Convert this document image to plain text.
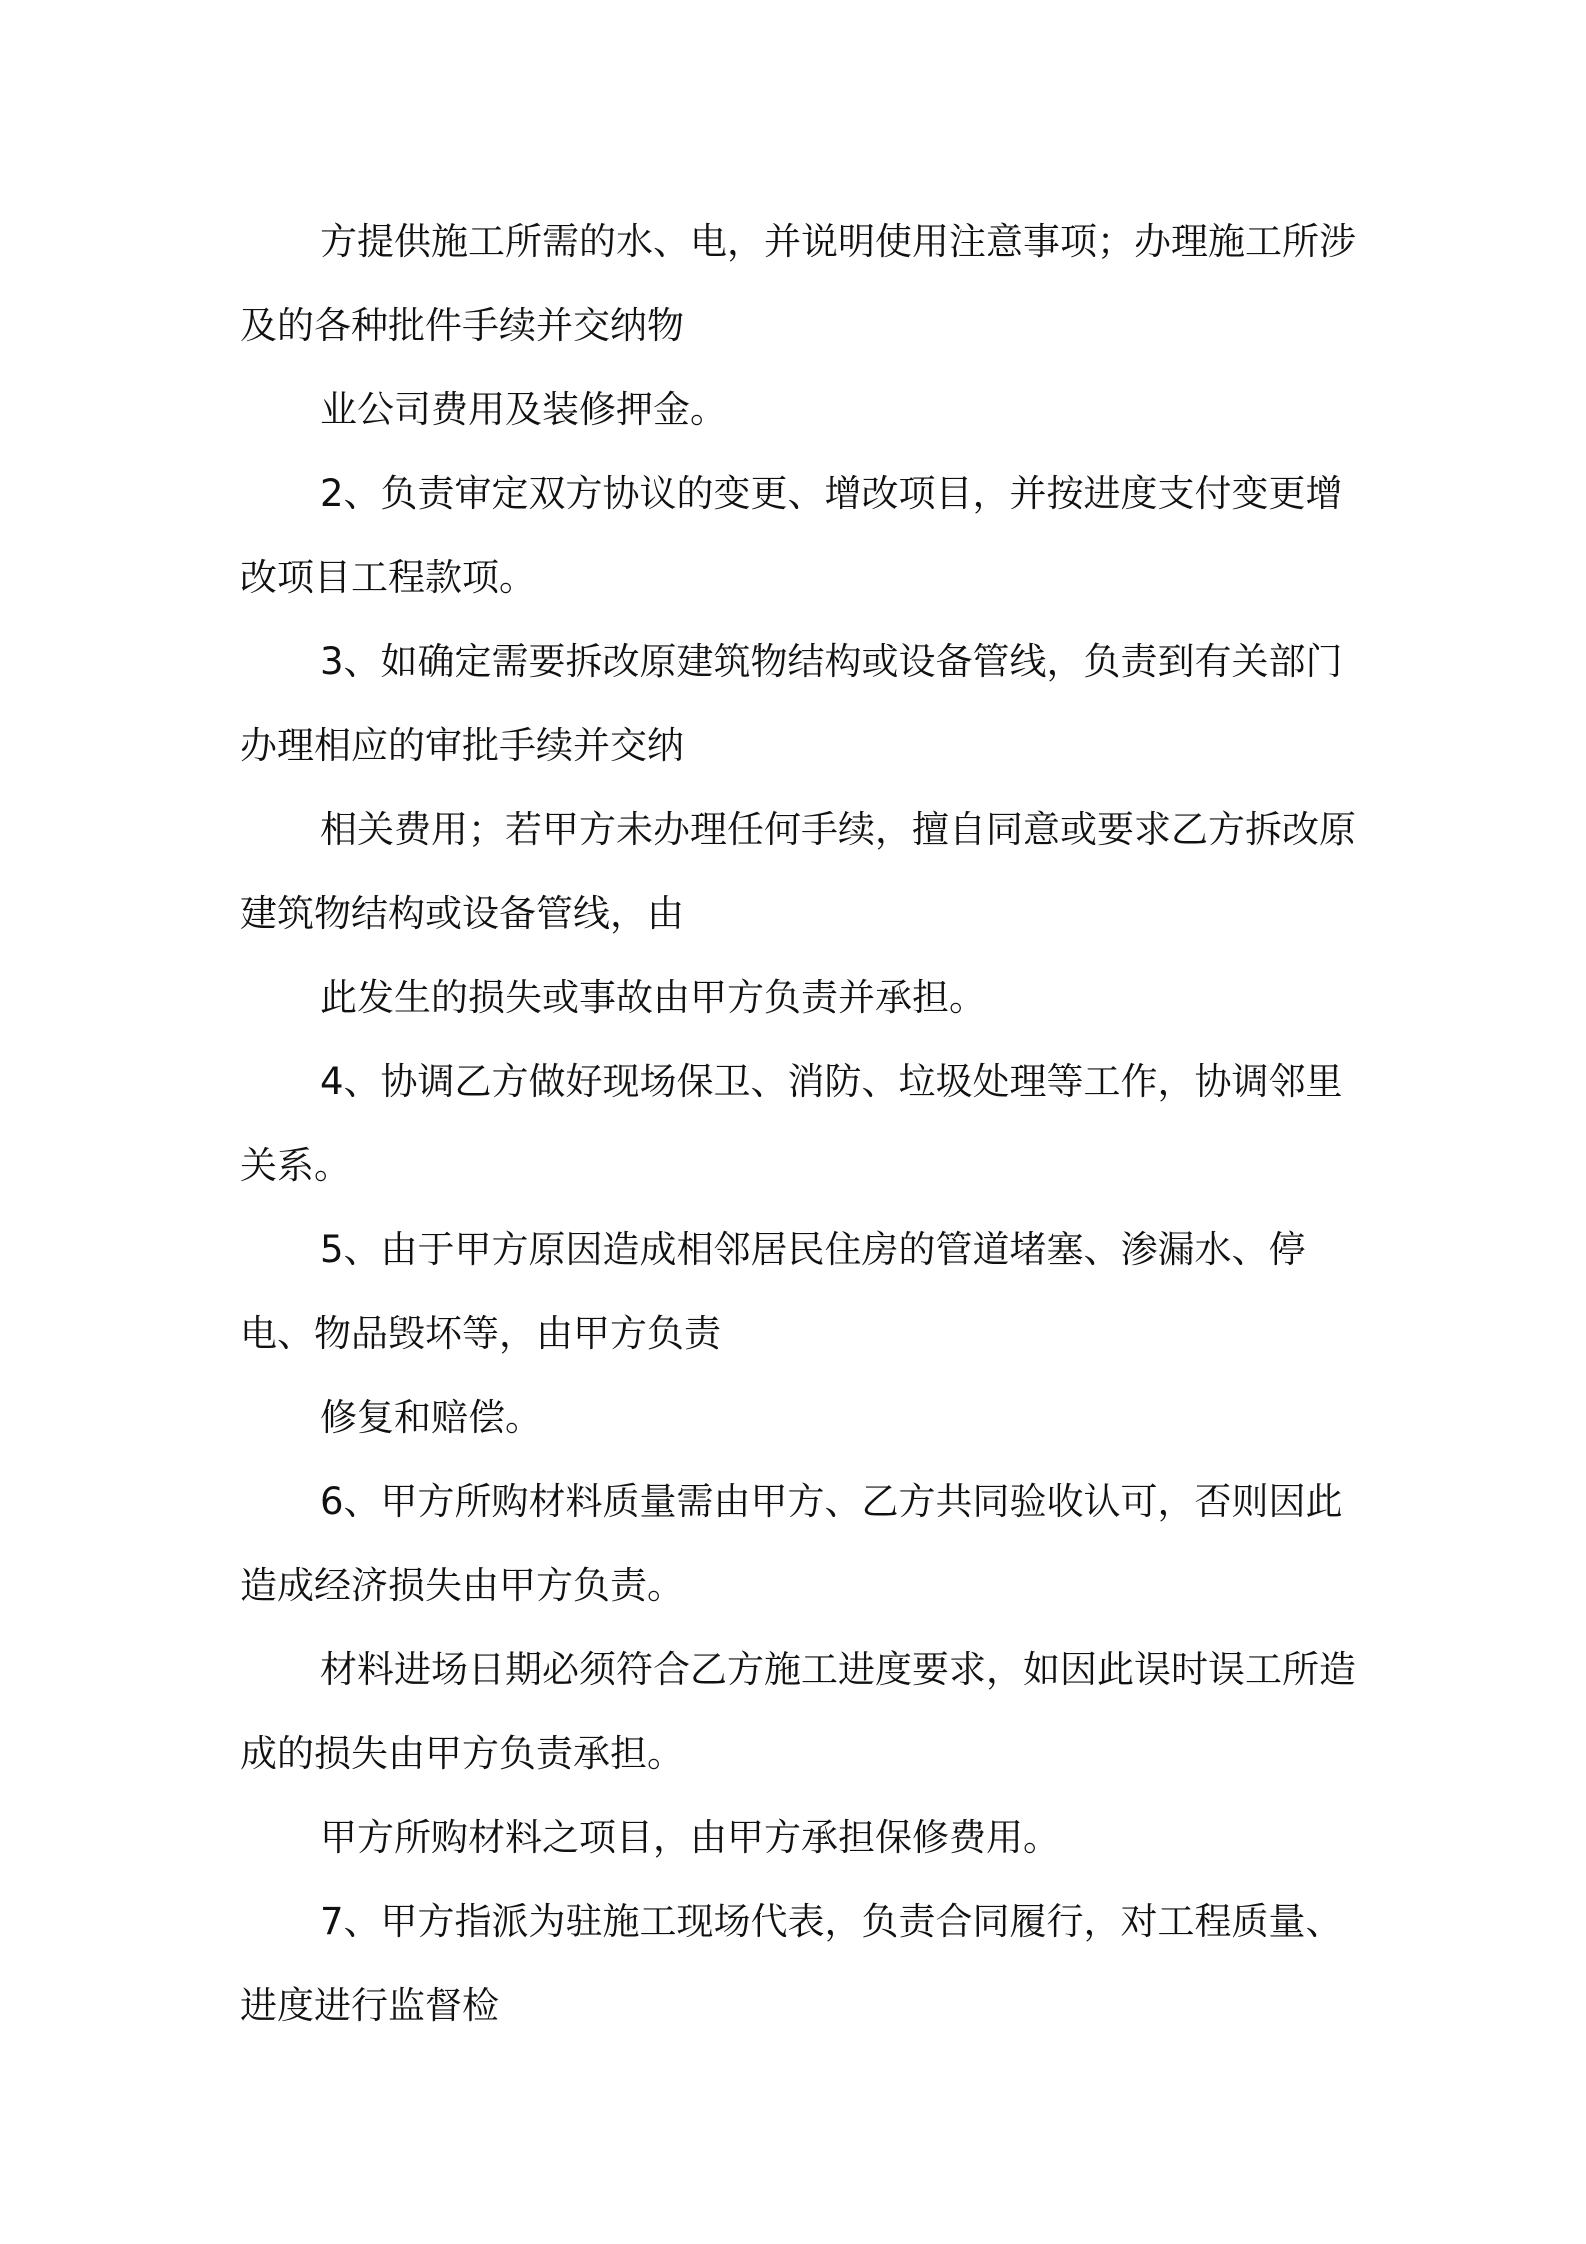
方提供施工所需的水、电，并说明使用注意事项；办理施工所涉及的各种批件手续并交纳物

业公司费用及装修押金。

2、负责审定双方协议的变更、增改项目，并按进度支付变更增改项目工程款项。

3、如确定需要拆改原建筑物结构或设备管线，负责到有关部门办理相应的审批手续并交纳

相关费用；若甲方未办理任何手续，擅自同意或要求乙方拆改原建筑物结构或设备管线，由

此发生的损失或事故由甲方负责并承担。

4、协调乙方做好现场保卫、消防、垃圾处理等工作，协调邻里关系。

5、由于甲方原因造成相邻居民住房的管道堵塞、渗漏水、停电、物品毁坏等，由甲方负责

修复和赔偿。

6、甲方所购材料质量需由甲方、乙方共同验收认可，否则因此造成经济损失由甲方负责。

材料进场日期必须符合乙方施工进度要求，如因此误时误工所造成的损失由甲方负责承担。

甲方所购材料之项目，由甲方承担保修费用。

7、甲方指派为驻施工现场代表，负责合同履行，对工程质量、进度进行监督检
